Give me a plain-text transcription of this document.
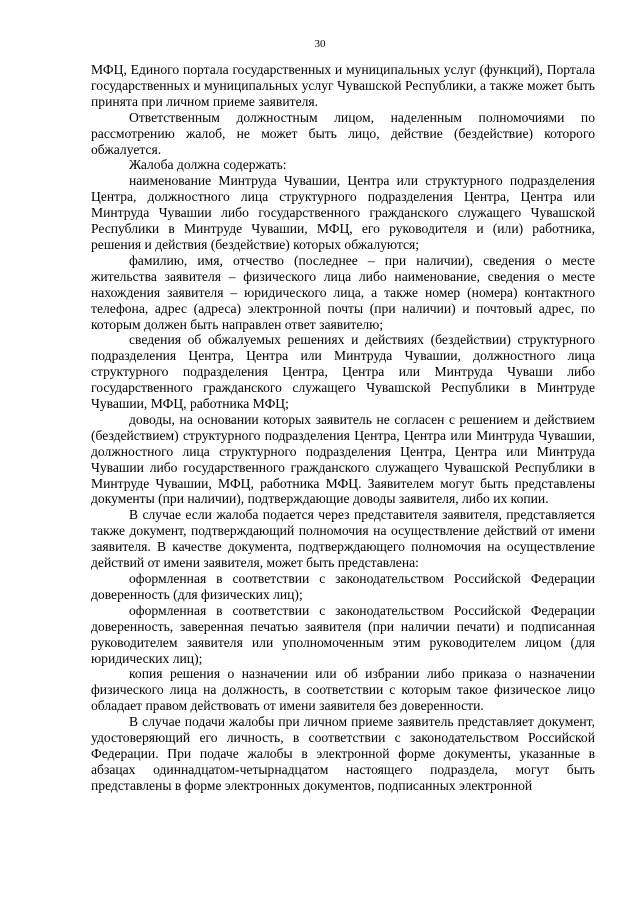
30

МФЦ, Единого портала государственных и муниципальных услуг (функций), Портала государственных и муниципальных услуг Чувашской Республики, а также может быть принята при личном приеме заявителя.

Ответственным должностным лицом, наделенным полномочиями по рассмотрению жалоб, не может быть лицо, действие (бездействие) которого обжалуется.

Жалоба должна содержать:

наименование Минтруда Чувашии, Центра или структурного подразделения Центра, должностного лица структурного подразделения Центра, Центра или Минтруда Чувашии либо государственного гражданского служащего Чувашской Республики в Минтруде Чувашии, МФЦ, его руководителя и (или) работника, решения и действия (бездействие) которых обжалуются;

фамилию, имя, отчество (последнее – при наличии), сведения о месте жительства заявителя – физического лица либо наименование, сведения о месте нахождения заявителя – юридического лица, а также номер (номера) контактного телефона, адрес (адреса) электронной почты (при наличии) и почтовый адрес, по которым должен быть направлен ответ заявителю;

сведения об обжалуемых решениях и действиях (бездействии) структурного подразделения Центра, Центра или Минтруда Чувашии, должностного лица структурного подразделения Центра, Центра или Минтруда Чуваши либо государственного гражданского служащего Чувашской Республики в Минтруде Чувашии, МФЦ, работника МФЦ;

доводы, на основании которых заявитель не согласен с решением и действием (бездействием) структурного подразделения Центра, Центра или Минтруда Чувашии, должностного лица структурного подразделения Центра, Центра или Минтруда Чувашии либо государственного гражданского служащего Чувашской Республики в Минтруде Чувашии, МФЦ, работника МФЦ. Заявителем могут быть представлены документы (при наличии), подтверждающие доводы заявителя, либо их копии.

В случае если жалоба подается через представителя заявителя, представляется также документ, подтверждающий полномочия на осуществление действий от имени заявителя. В качестве документа, подтверждающего полномочия на осуществление действий от имени заявителя, может быть представлена:

оформленная в соответствии с законодательством Российской Федерации доверенность (для физических лиц);

оформленная в соответствии с законодательством Российской Федерации доверенность, заверенная печатью заявителя (при наличии печати) и подписанная руководителем заявителя или уполномоченным этим руководителем лицом (для юридических лиц);

копия решения о назначении или об избрании либо приказа о назначении физического лица на должность, в соответствии с которым такое физическое лицо обладает правом действовать от имени заявителя без доверенности.

В случае подачи жалобы при личном приеме заявитель представляет документ, удостоверяющий его личность, в соответствии с законодательством Российской Федерации. При подаче жалобы в электронной форме документы, указанные в абзацах одиннадцатом-четырнадцатом настоящего подраздела, могут быть представлены в форме электронных документов, подписанных электронной
